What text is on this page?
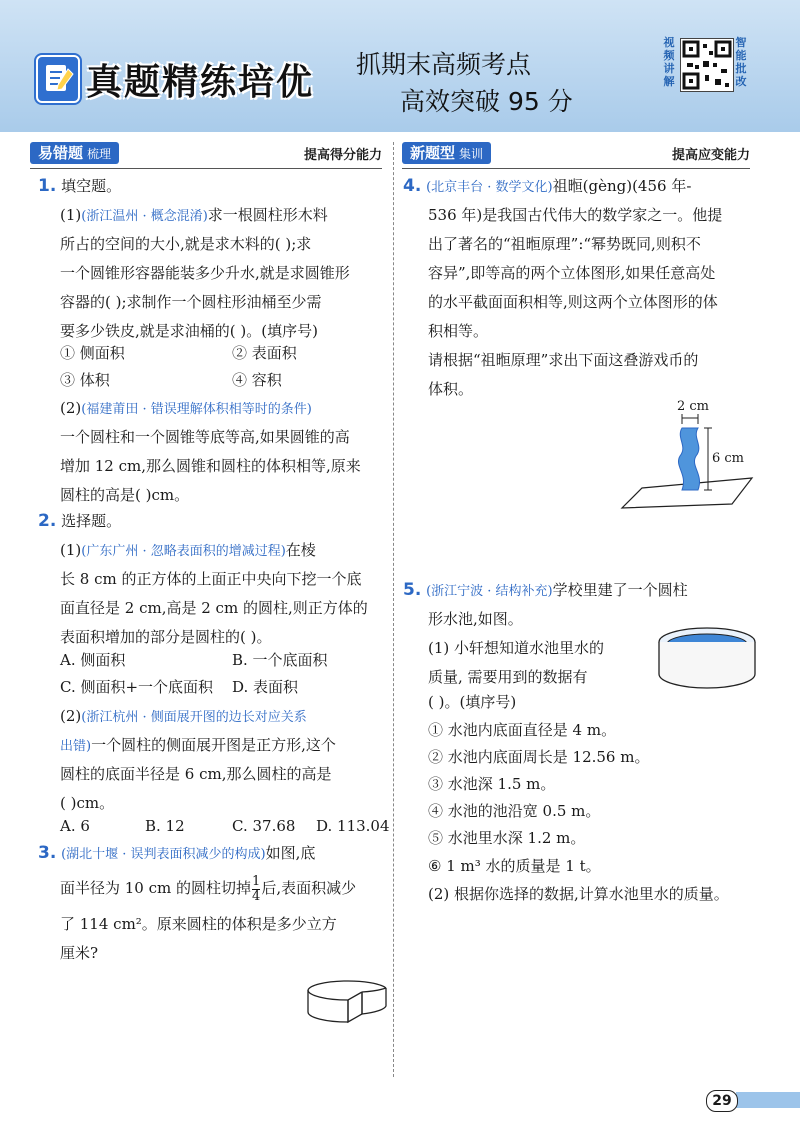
真题精练培优 抓期末高频考点
高效突破 95 分
视频讲解
智能批改
易错题 梳理	提高得分能力	新题型 集训	提高应变能力
1. 填空题。
(1)(浙江温州 · 概念混淆)求一根圆柱形木料
所占的空间的大小,就是求木料的( );求
一个圆锥形容器能装多少升水,就是求圆锥形
容器的( );求制作一个圆柱形油桶至少需
要多少铁皮,就是求油桶的( )。(填序号)
① 侧面积	② 表面积
③ 体积	④ 容积
(2)(福建莆田 · 错误理解体积相等时的条件)
一个圆柱和一个圆锥等底等高,如果圆锥的高
增加 12 cm,那么圆锥和圆柱的体积相等,原来
圆柱的高是( )cm。
2. 选择题。
(1)(广东广州 · 忽略表面积的增减过程)在棱
长 8 cm 的正方体的上面正中央向下挖一个底
面直径是 2 cm,高是 2 cm 的圆柱,则正方体的
表面积增加的部分是圆柱的( )。
A. 侧面积	B. 一个底面积
C. 侧面积+一个底面积 D. 表面积
(2)(浙江杭州 · 侧面展开图的边长对应关系
出错)一个圆柱的侧面展开图是正方形,这个
圆柱的底面半径是 6 cm,那么圆柱的高是
( )cm。
A. 6	B. 12	C. 37.68 D. 113.04
3. (湖北十堰 · 误判表面积减少的构成)如图,底
面半径为 10 cm 的圆柱切掉 $\frac{1}{4}$ 后,表面积减少
了 114 cm²。原来圆柱的体积是多少立方
厘米?
4. (北京丰台 · 数学文化)祖暅(gèng)(456 年-
536 年)是我国古代伟大的数学家之一。他提
出了著名的“祖暅原理”:“幂势既同,则积不
容异”,即等高的两个立体图形,如果任意高处
的水平截面面积相等,则这两个立体图形的体
积相等。
请根据“祖暅原理”求出下面这叠游戏币的
体积。
2 cm
6 cm
5. (浙江宁波 · 结构补充)学校里建了一个圆柱
形水池,如图。
(1) 小轩想知道水池里水的
质量, 需要用到的数据有
( )。(填序号)
① 水池内底面直径是 4 m。
② 水池内底面周长是 12.56 m。
③ 水池深 1.5 m。
④ 水池的池沿宽 0.5 m。
⑤ 水池里水深 1.2 m。
⑥ 1 m³ 水的质量是 1 t。
(2) 根据你选择的数据,计算水池里水的质量。
29
